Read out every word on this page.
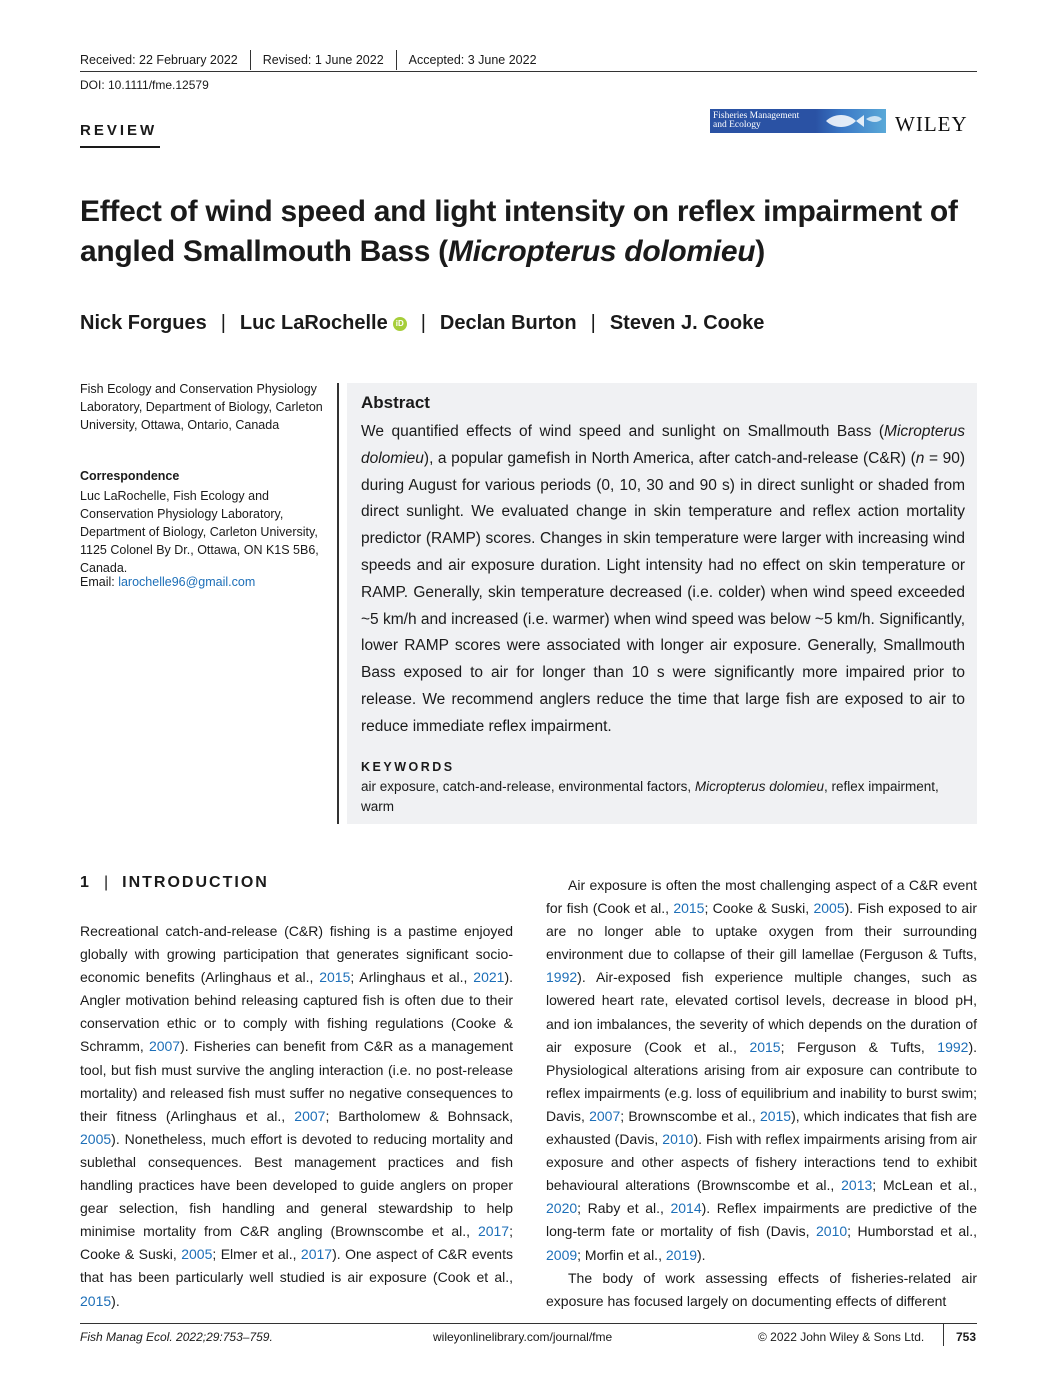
Received: 22 February 2022 Revised: 1 June 2022 Accepted: 3 June 2022
DOI: 10.1111/fme.12579
REVIEW
Fisheries Management
and Ecology	WILEY
Effect of wind speed and light intensity on reflex impairment of
angled Smallmouth Bass (Micropterus dolomieu)
Nick Forgues | Luc LaRochelle	iD | Declan Burton | Steven J. Cooke
Fish Ecology and Conservation Physiology Laboratory, Department of Biology, Carleton University, Ottawa, Ontario, Canada
Correspondence
Luc LaRochelle, Fish Ecology and Conservation Physiology Laboratory, Department of Biology, Carleton University, 1125 Colonel By Dr., Ottawa, ON K1S 5B6, Canada.
Email: larochelle96@gmail.com
Abstract
We quantified effects of wind speed and sunlight on Smallmouth Bass (Micropterus dolomieu), a popular gamefish in North America, after catch-and-release (C&R) (n = 90) during August for various periods (0, 10, 30 and 90 s) in direct sunlight or shaded from direct sunlight. We evaluated change in skin temperature and reflex action mortality predictor (RAMP) scores. Changes in skin temperature were larger with increasing wind speeds and air exposure duration. Light intensity had no effect on skin temperature or RAMP. Generally, skin temperature decreased (i.e. colder) when wind speed exceeded ~5 km/h and increased (i.e. warmer) when wind speed was below ~5 km/h. Significantly, lower RAMP scores were associated with longer air exposure. Generally, Smallmouth Bass exposed to air for longer than 10 s were significantly more impaired prior to release. We recommend anglers reduce the time that large fish are exposed to air to reduce immediate reflex impairment.
KEYWORDS
air exposure, catch-and-release, environmental factors, Micropterus dolomieu, reflex impairment, warm
1 | INTRODUCTION

Recreational catch-and-release (C&R) fishing is a pastime enjoyed globally with growing participation that generates significant socio-economic benefits (Arlinghaus et al., 2015; Arlinghaus et al., 2021). Angler motivation behind releasing captured fish is often due to their conservation ethic or to comply with fishing regulations (Cooke & Schramm, 2007). Fisheries can benefit from C&R as a management tool, but fish must survive the angling interaction (i.e. no post-release mortality) and released fish must suffer no negative consequences to their fitness (Arlinghaus et al., 2007; Bartholomew & Bohnsack, 2005). Nonetheless, much effort is devoted to reducing mortality and sublethal consequences. Best management practices and fish handling practices have been developed to guide anglers on proper gear selection, fish handling and general stewardship to help minimise mortality from C&R angling (Brownscombe et al., 2017; Cooke & Suski, 2005; Elmer et al., 2017). One aspect of C&R events that has been particularly well studied is air exposure (Cook et al., 2015).

Air exposure is often the most challenging aspect of a C&R event for fish (Cook et al., 2015; Cooke & Suski, 2005). Fish exposed to air are no longer able to uptake oxygen from their surrounding environment due to collapse of their gill lamellae (Ferguson & Tufts, 1992). Air-exposed fish experience multiple changes, such as lowered heart rate, elevated cortisol levels, decrease in blood pH, and ion imbalances, the severity of which depends on the duration of air exposure (Cook et al., 2015; Ferguson & Tufts, 1992). Physiological alterations arising from air exposure can contribute to reflex impairments (e.g. loss of equilibrium and inability to burst swim; Davis, 2007; Brownscombe et al., 2015), which indicates that fish are exhausted (Davis, 2010). Fish with reflex impairments arising from air exposure and other aspects of fishery interactions tend to exhibit behavioural alterations (Brownscombe et al., 2013; McLean et al., 2020; Raby et al., 2014). Reflex impairments are predictive of the long-term fate or mortality of fish (Davis, 2010; Humborstad et al., 2009; Morfin et al., 2019).

The body of work assessing effects of fisheries-related air exposure has focused largely on documenting effects of different

Fish Manag Ecol. 2022;29:753–759.	wileyonlinelibrary.com/journal/fme	© 2022 John Wiley & Sons Ltd.	753
